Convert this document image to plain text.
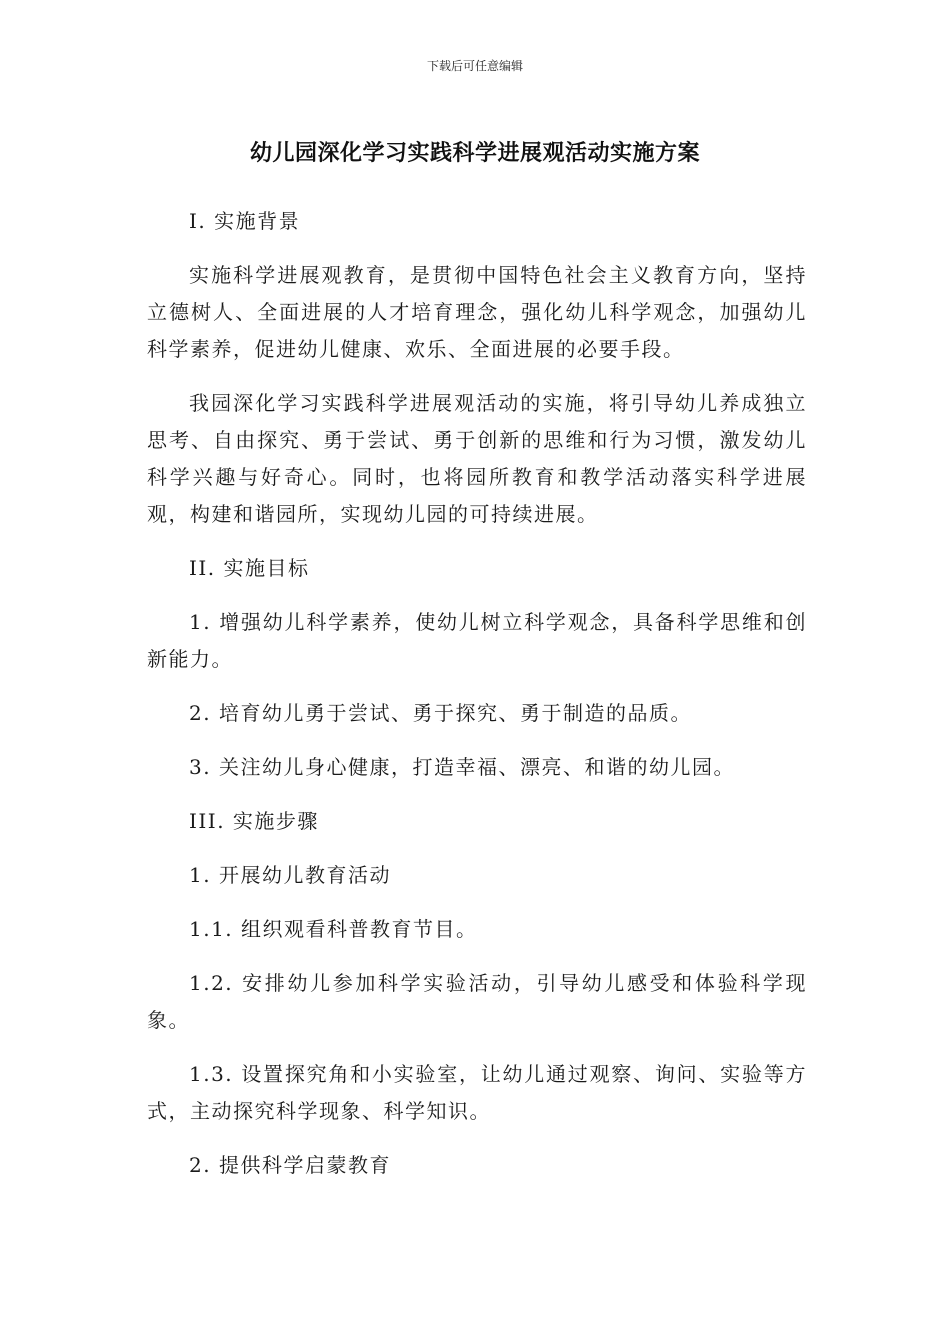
下载后可任意编辑
幼儿园深化学习实践科学进展观活动实施方案

I. 实施背景

实施科学进展观教育，是贯彻中国特色社会主义教育方向，坚持立德树人、全面进展的人才培育理念，强化幼儿科学观念，加强幼儿科学素养，促进幼儿健康、欢乐、全面进展的必要手段。

我园深化学习实践科学进展观活动的实施，将引导幼儿养成独立思考、自由探究、勇于尝试、勇于创新的思维和行为习惯，激发幼儿科学兴趣与好奇心。同时，也将园所教育和教学活动落实科学进展观，构建和谐园所，实现幼儿园的可持续进展。

II. 实施目标

1. 增强幼儿科学素养，使幼儿树立科学观念，具备科学思维和创新能力。

2. 培育幼儿勇于尝试、勇于探究、勇于制造的品质。

3. 关注幼儿身心健康，打造幸福、漂亮、和谐的幼儿园。

III. 实施步骤

1. 开展幼儿教育活动

1.1. 组织观看科普教育节目。

1.2. 安排幼儿参加科学实验活动，引导幼儿感受和体验科学现象。

1.3. 设置探究角和小实验室，让幼儿通过观察、询问、实验等方式，主动探究科学现象、科学知识。

2. 提供科学启蒙教育
